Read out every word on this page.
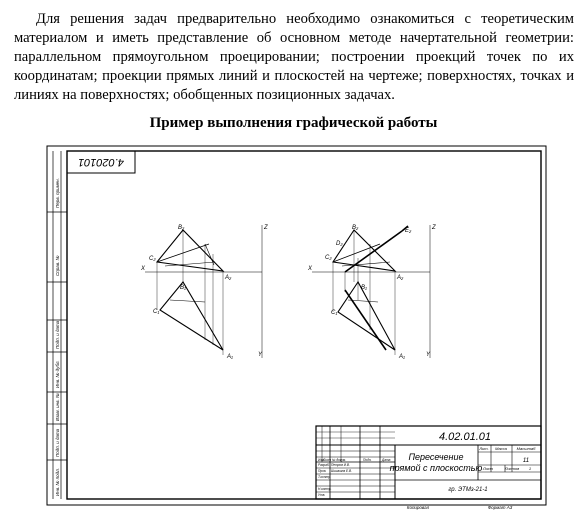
Для решения задач предварительно необходимо ознакомиться с теоретическим материалом и иметь представление об основном методе начертательной геометрии: параллельном прямоугольном проецировании; построении проекций точек по их координатам; проекции прямых линий и плоскостей на чертеже; поверхностях, точках и линиях на поверхностях; обобщенных позиционных задачах.

Пример выполнения графической работы
B₂
C₂
A₂
X
Z
B₁
C₁
A₁	Y
B₂
D₂
E₂
C₂
A₂
X
Z
B₁
C₁
A₁	Y
4.020101
Перв. примен.
Справ. №
Подп. и дата
Инв. № дубл.
Взам. инв. №
Подп. и дата
Инв. № подл.
4.02.01.01
Пересечение
прямой с плоскостью
11
гр. ЭТМз-21-1
Копировал	Формат А3
Лит. Масса Масштаб
Лист	Листов 1
Изм.
Лист № докум.	Подп.	Дата
Разраб. Петров И.В.
Пров. Шишкина Е.В.
Т.контр.
Н.контр.
Утв.
